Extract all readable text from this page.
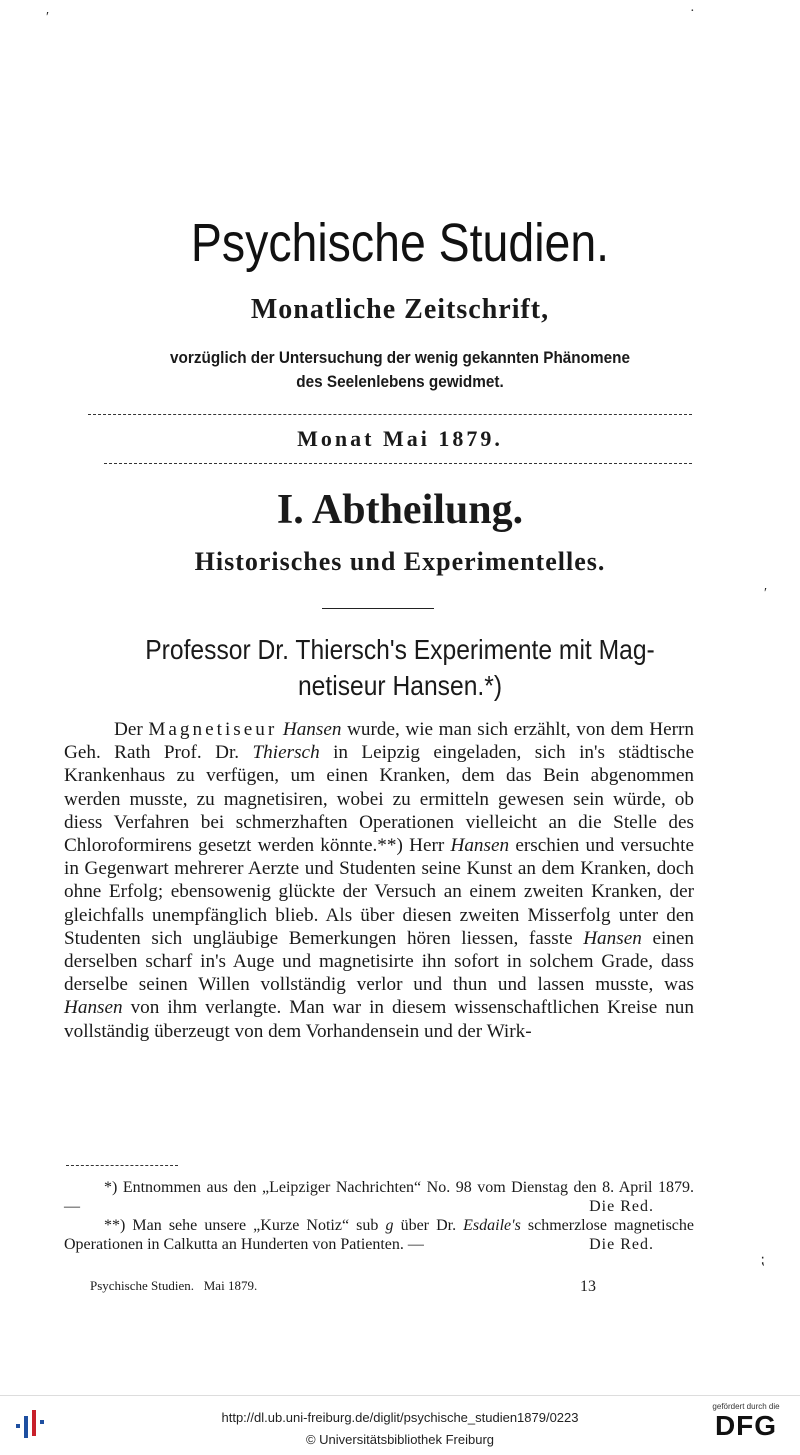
′	·
Psychische Studien.
Monatliche Zeitschrift,
vorzüglich der Untersuchung der wenig gekannten Phänomene
des Seelenlebens gewidmet.
Monat Mai 1879.
I. Abtheilung.
Historisches und Experimentelles.
′
Professor Dr. Thiersch's Experimente mit Mag-
netiseur Hansen.*)
Der Magnetiseur Hansen wurde, wie man sich erzählt, von dem Herrn Geh. Rath Prof. Dr. Thiersch in Leipzig eingeladen, sich in's städtische Krankenhaus zu verfügen, um einen Kranken, dem das Bein abgenommen werden musste, zu magnetisiren, wobei zu ermitteln gewesen sein würde, ob diess Verfahren bei schmerzhaften Operationen vielleicht an die Stelle des Chloroformirens gesetzt werden könnte.**) Herr Hansen erschien und versuchte in Gegenwart mehrerer Aerzte und Studenten seine Kunst an dem Kranken, doch ohne Erfolg; ebensowenig glückte der Versuch an einem zweiten Kranken, der gleichfalls unempfänglich blieb. Als über diesen zweiten Misserfolg unter den Studenten sich ungläubige Bemerkungen hören liessen, fasste Hansen einen derselben scharf in's Auge und magnetisirte ihn sofort in solchem Grade, dass derselbe seinen Willen vollständig verlor und thun und lassen musste, was Hansen von ihm verlangte. Man war in diesem wissenschaftlichen Kreise nun vollständig überzeugt von dem Vorhandensein und der Wirk-
*) Entnommen aus den „Leipziger Nachrichten“ No. 98 vom Dienstag den 8. April 1879. —	Die Red.
**) Man sehe unsere „Kurze Notiz“ sub g über Dr. Esdaile's schmerzlose magnetische Operationen in Calkutta an Hunderten von Patienten. —	Die Red.
⁏
Psychische Studien. Mai 1879.	13
http://dl.ub.uni-freiburg.de/diglit/psychische_studien1879/0223
© Universitätsbibliothek Freiburg
gefördert durch die
DFG
